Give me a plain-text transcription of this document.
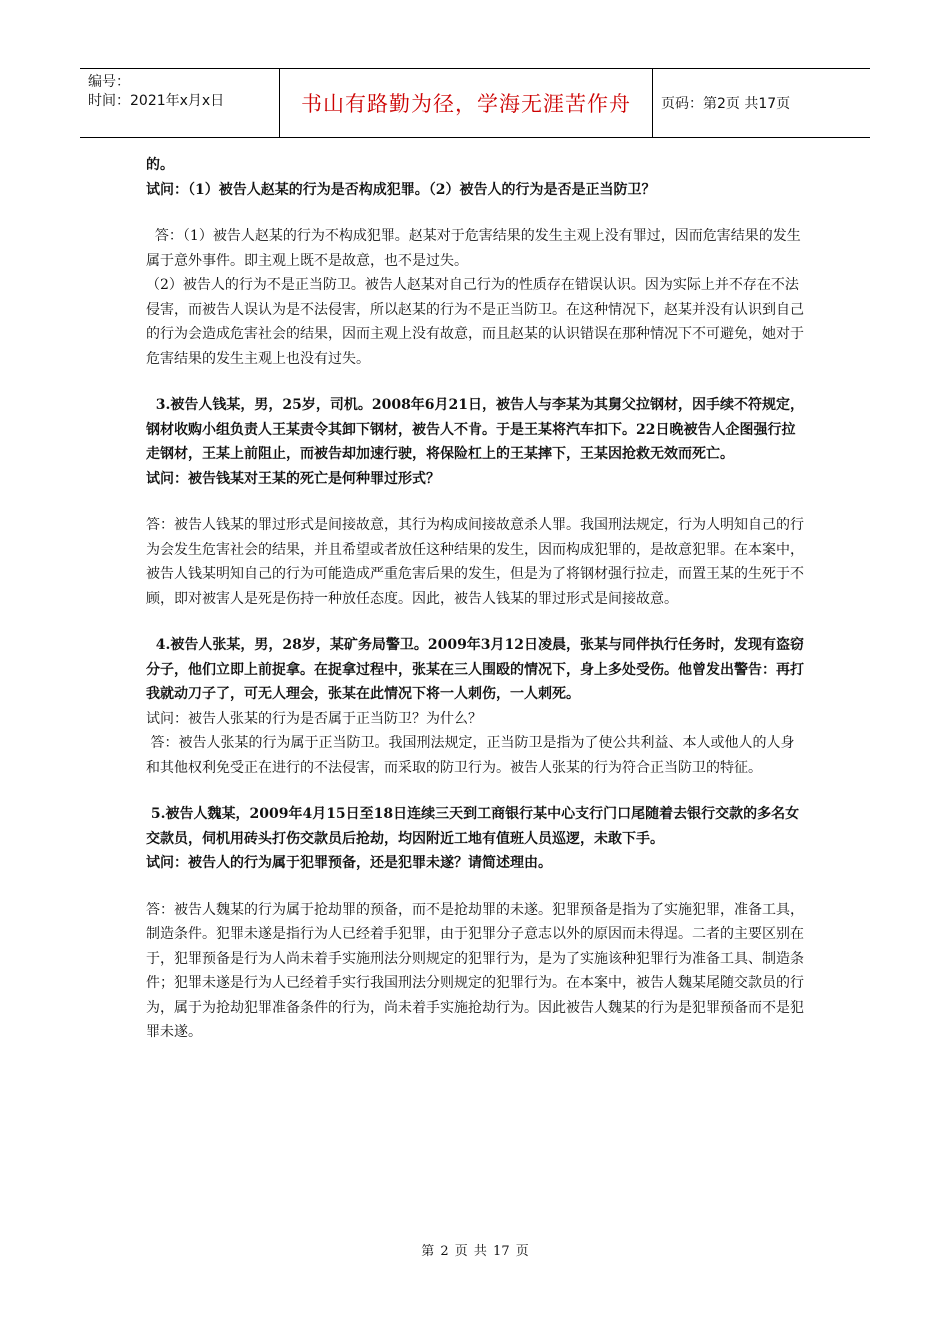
编号：
时间：2021年x月x日	书山有路勤为径，学海无涯苦作舟	页码：第2页 共17页

的。

试问：（1）被告人赵某的行为是否构成犯罪。（2）被告人的行为是否是正当防卫？

答：（1）被告人赵某的行为不构成犯罪。赵某对于危害结果的发生主观上没有罪过，因而危害结果的发生属于意外事件。即主观上既不是故意，也不是过失。

（2）被告人的行为不是正当防卫。被告人赵某对自己行为的性质存在错误认识。因为实际上并不存在不法侵害，而被告人误认为是不法侵害，所以赵某的行为不是正当防卫。在这种情况下，赵某并没有认识到自己的行为会造成危害社会的结果，因而主观上没有故意，而且赵某的认识错误在那种情况下不可避免，她对于危害结果的发生主观上也没有过失。

3.被告人钱某，男，25岁，司机。2008年6月21日，被告人与李某为其舅父拉钢材，因手续不符规定，钢材收购小组负责人王某责令其卸下钢材，被告人不肯。于是王某将汽车扣下。22日晚被告人企图强行拉走钢材，王某上前阻止，而被告却加速行驶，将保险杠上的王某摔下，王某因抢救无效而死亡。

试问：被告钱某对王某的死亡是何种罪过形式？

答：被告人钱某的罪过形式是间接故意，其行为构成间接故意杀人罪。我国刑法规定，行为人明知自己的行为会发生危害社会的结果，并且希望或者放任这种结果的发生，因而构成犯罪的，是故意犯罪。在本案中，被告人钱某明知自己的行为可能造成严重危害后果的发生，但是为了将钢材强行拉走，而置王某的生死于不顾，即对被害人是死是伤持一种放任态度。因此，被告人钱某的罪过形式是间接故意。

4.被告人张某，男，28岁，某矿务局警卫。2009年3月12日凌晨，张某与同伴执行任务时，发现有盗窃分子，他们立即上前捉拿。在捉拿过程中，张某在三人围殴的情况下，身上多处受伤。他曾发出警告：再打我就动刀子了，可无人理会，张某在此情况下将一人刺伤，一人刺死。

试问：被告人张某的行为是否属于正当防卫？为什么？

答：被告人张某的行为属于正当防卫。我国刑法规定，正当防卫是指为了使公共利益、本人或他人的人身和其他权利免受正在进行的不法侵害，而采取的防卫行为。被告人张某的行为符合正当防卫的特征。

5.被告人魏某，2009年4月15日至18日连续三天到工商银行某中心支行门口尾随着去银行交款的多名女交款员，伺机用砖头打伤交款员后抢劫，均因附近工地有值班人员巡逻，未敢下手。

试问：被告人的行为属于犯罪预备，还是犯罪未遂？请简述理由。

答：被告人魏某的行为属于抢劫罪的预备，而不是抢劫罪的未遂。犯罪预备是指为了实施犯罪，准备工具，制造条件。犯罪未遂是指行为人已经着手犯罪，由于犯罪分子意志以外的原因而未得逞。二者的主要区别在于，犯罪预备是行为人尚未着手实施刑法分则规定的犯罪行为，是为了实施该种犯罪行为准备工具、制造条件；犯罪未遂是行为人已经着手实行我国刑法分则规定的犯罪行为。在本案中，被告人魏某尾随交款员的行为，属于为抢劫犯罪准备条件的行为，尚未着手实施抢劫行为。因此被告人魏某的行为是犯罪预备而不是犯罪未遂。

第 2 页 共 17 页
